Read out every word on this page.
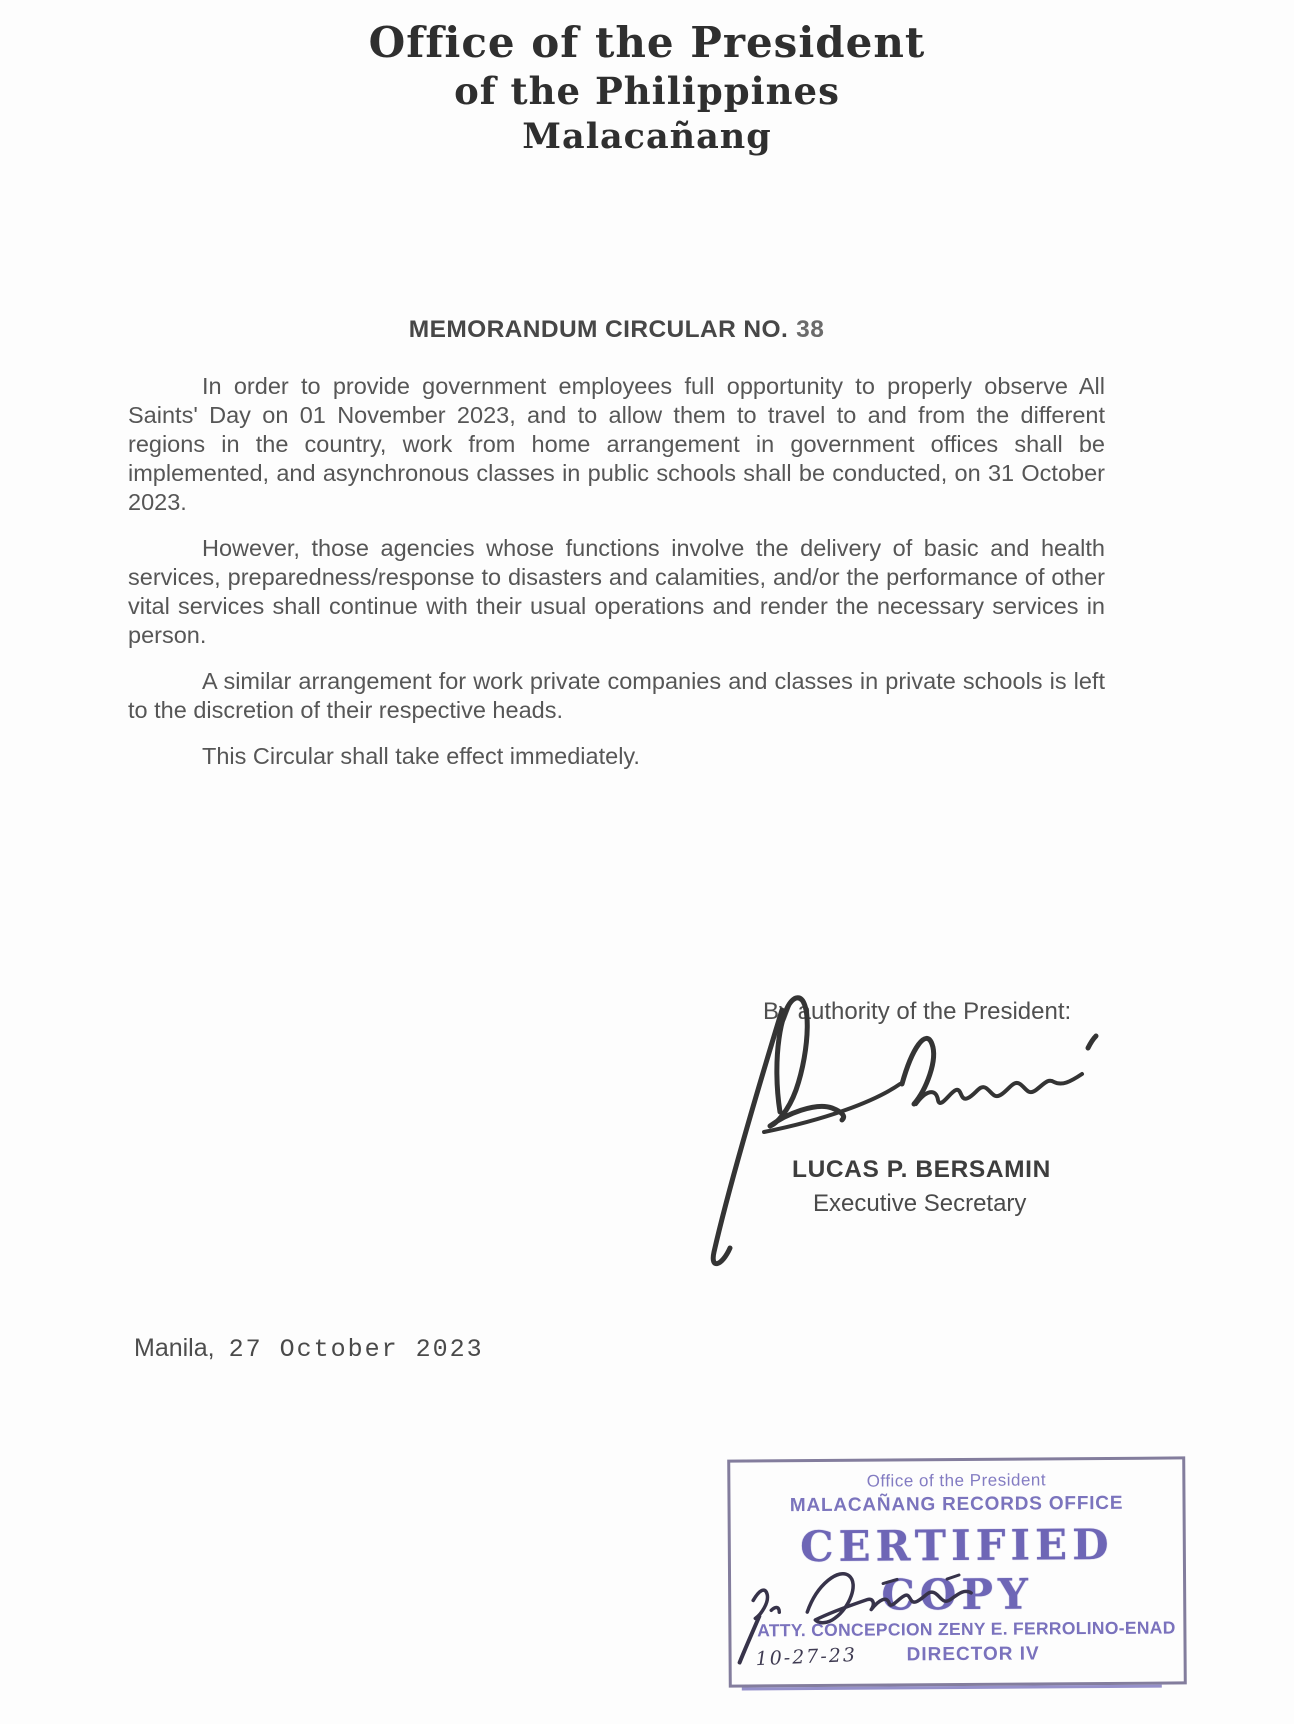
Office of the President
of the Philippines
Malacañang
MEMORANDUM CIRCULAR NO. 38

In order to provide government employees full opportunity to properly observe All Saints' Day on 01 November 2023, and to allow them to travel to and from the different regions in the country, work from home arrangement in government offices shall be implemented, and asynchronous classes in public schools shall be conducted, on 31 October 2023.

However, those agencies whose functions involve the delivery of basic and health services, preparedness/response to disasters and calamities, and/or the performance of other vital services shall continue with their usual operations and render the necessary services in person.

A similar arrangement for work private companies and classes in private schools is left to the discretion of their respective heads.

This Circular shall take effect immediately.

By authority of the President:
LUCAS P. BERSAMIN
Executive Secretary
Manila, 27 October 2023
Office of the President
MALACAÑANG RECORDS OFFICE
CERTIFIED COPY
ATTY. CONCEPCION ZENY E. FERROLINO-ENAD
10-27-23	DIRECTOR IV
